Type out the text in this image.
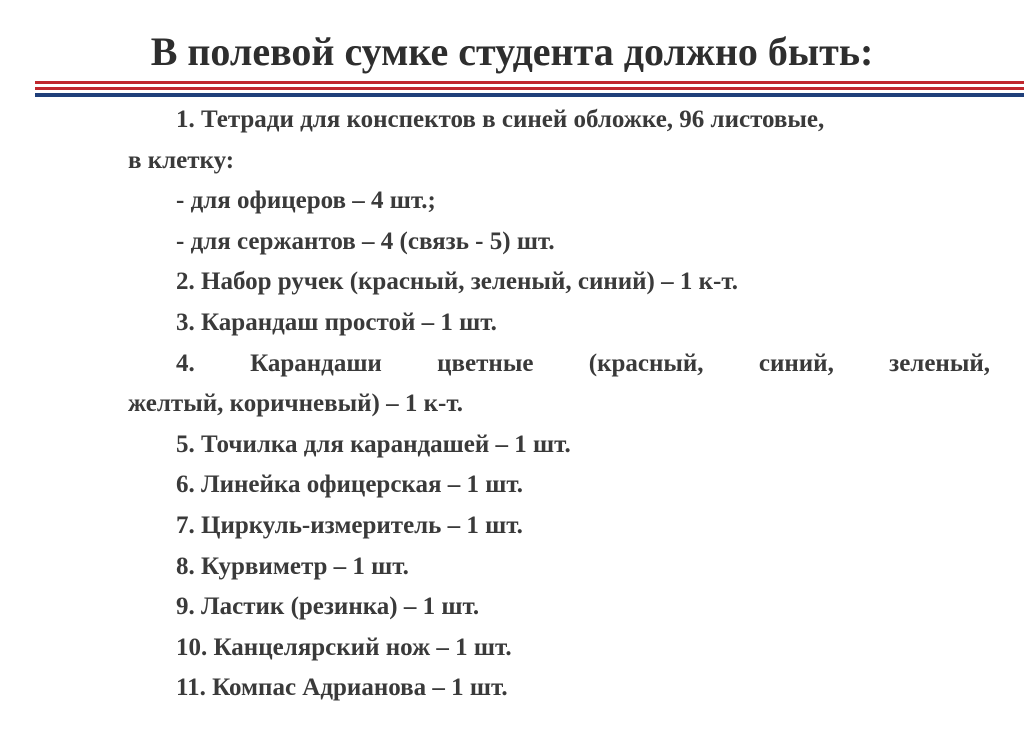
В полевой сумке студента должно быть:
1. Тетради для конспектов в синей обложке, 96 листовые,
в клетку:
- для офицеров – 4 шт.;
- для сержантов – 4 (связь - 5) шт.
2. Набор ручек (красный, зеленый, синий) – 1 к-т.
3. Карандаш простой – 1 шт.
4. Карандаши цветные (красный, синий, зеленый,
желтый, коричневый) – 1 к-т.
5. Точилка для карандашей – 1 шт.
6. Линейка офицерская – 1 шт.
7. Циркуль-измеритель – 1 шт.
8. Курвиметр – 1 шт.
9. Ластик (резинка) – 1 шт.
10. Канцелярский нож – 1 шт.
11. Компас Адрианова – 1 шт.
